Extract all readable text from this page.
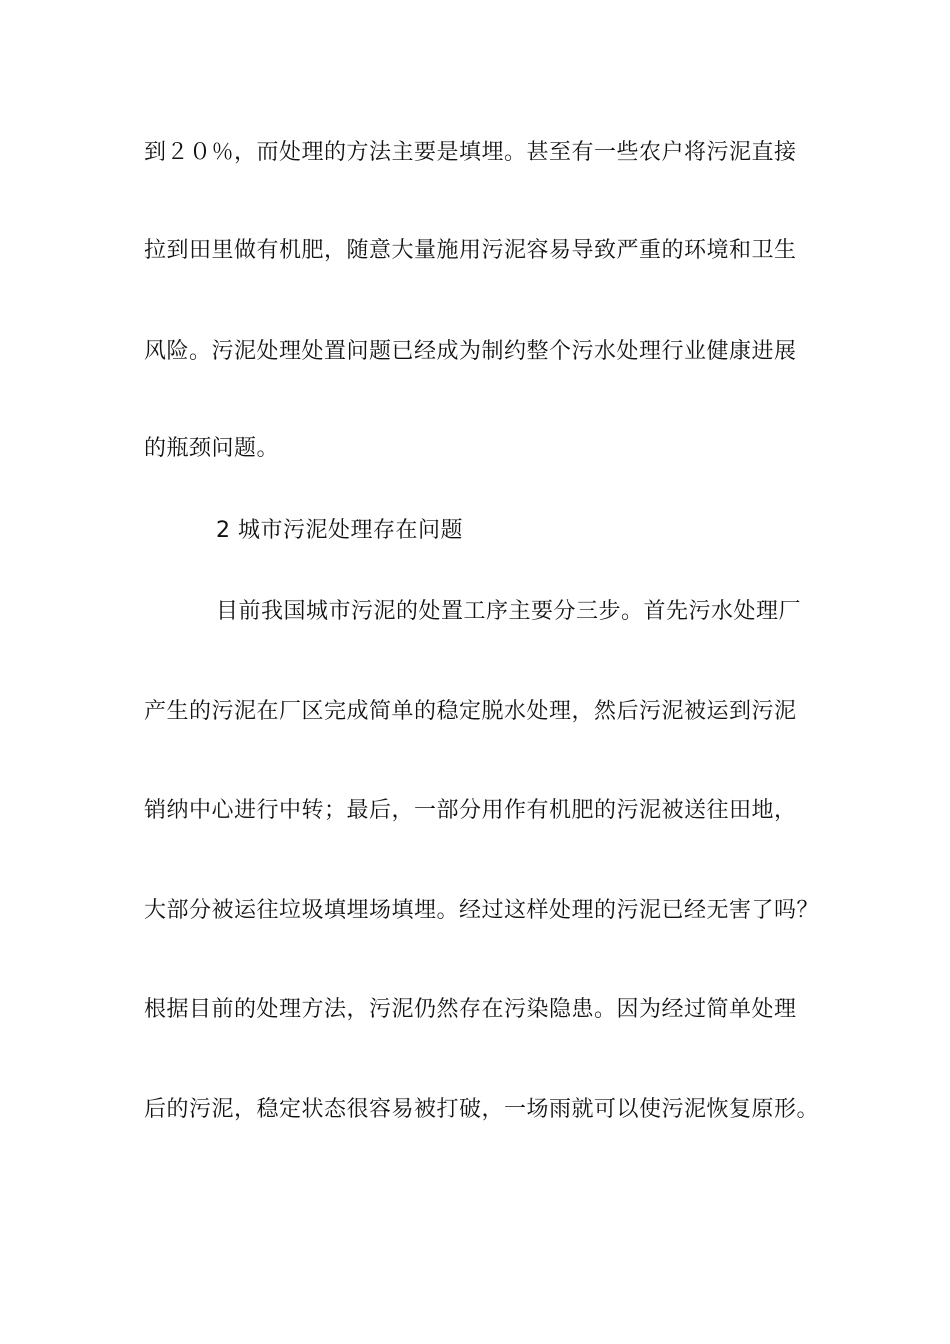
到２０％，而处理的方法主要是填埋。甚至有一些农户将污泥直接
拉到田里做有机肥，随意大量施用污泥容易导致严重的环境和卫生
风险。污泥处理处置问题已经成为制约整个污水处理行业健康进展
的瓶颈问题。
2 城市污泥处理存在问题
目前我国城市污泥的处置工序主要分三步。首先污水处理厂
产生的污泥在厂区完成简单的稳定脱水处理，然后污泥被运到污泥
销纳中心进行中转；最后，一部分用作有机肥的污泥被送往田地，
大部分被运往垃圾填埋场填埋。经过这样处理的污泥已经无害了吗？
根据目前的处理方法，污泥仍然存在污染隐患。因为经过简单处理
后的污泥，稳定状态很容易被打破，一场雨就可以使污泥恢复原形。
